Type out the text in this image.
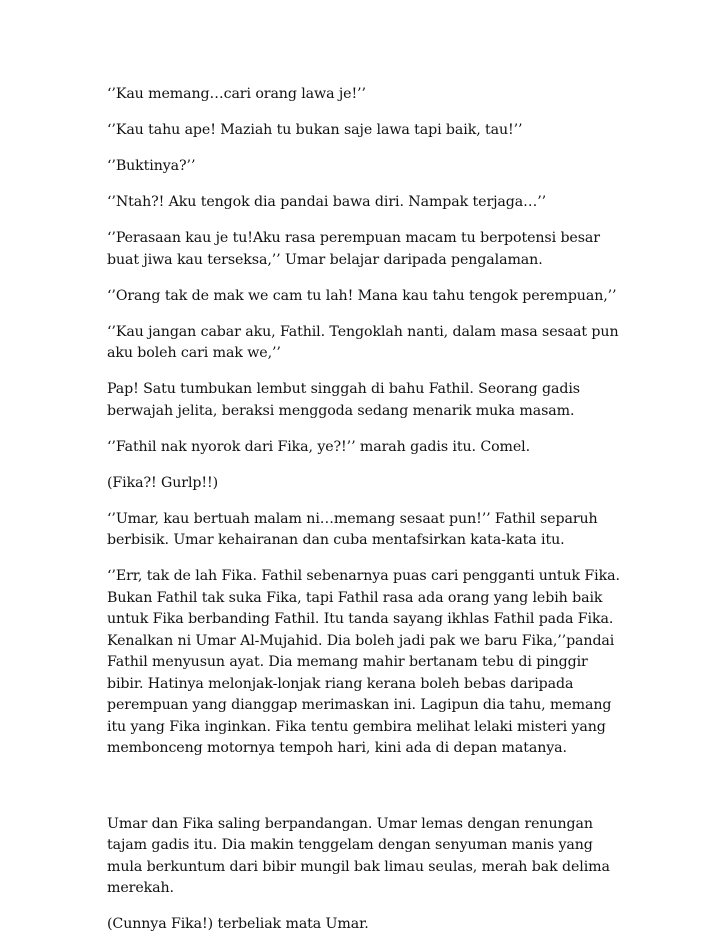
‘’Kau memang…cari orang lawa je!’’

‘’Kau tahu ape! Maziah tu bukan saje lawa tapi baik, tau!’’

‘’Buktinya?’’

‘’Ntah?! Aku tengok dia pandai bawa diri. Nampak terjaga…’’

‘’Perasaan kau je tu!Aku rasa perempuan macam tu berpotensi besar buat jiwa kau terseksa,’’ Umar belajar daripada pengalaman.

‘’Orang tak de mak we cam tu lah! Mana kau tahu tengok perempuan,’’

‘’Kau jangan cabar aku, Fathil. Tengoklah nanti, dalam masa sesaat pun aku boleh cari mak we,’’

Pap! Satu tumbukan lembut singgah di bahu Fathil. Seorang gadis berwajah jelita, beraksi menggoda sedang menarik muka masam.

‘’Fathil nak nyorok dari Fika, ye?!’’ marah gadis itu. Comel.

(Fika?! Gurlp!!)

‘’Umar, kau bertuah malam ni…memang sesaat pun!’’ Fathil separuh berbisik. Umar kehairanan dan cuba mentafsirkan kata-kata itu.

‘’Err, tak de lah Fika. Fathil sebenarnya puas cari pengganti untuk Fika. Bukan Fathil tak suka Fika, tapi Fathil rasa ada orang yang lebih baik untuk Fika berbanding Fathil. Itu tanda sayang ikhlas Fathil pada Fika. Kenalkan ni Umar Al-Mujahid. Dia boleh jadi pak we baru Fika,’’pandai Fathil menyusun ayat. Dia memang mahir bertanam tebu di pinggir bibir. Hatinya melonjak-lonjak riang kerana boleh bebas daripada perempuan yang dianggap merimaskan ini. Lagipun dia tahu, memang itu yang Fika inginkan. Fika tentu gembira melihat lelaki misteri yang membonceng motornya tempoh hari, kini ada di depan matanya.

Umar dan Fika saling berpandangan. Umar lemas dengan renungan tajam gadis itu. Dia makin tenggelam dengan senyuman manis yang mula berkuntum dari bibir mungil bak limau seulas, merah bak delima merekah.

(Cunnya Fika!) terbeliak mata Umar.
